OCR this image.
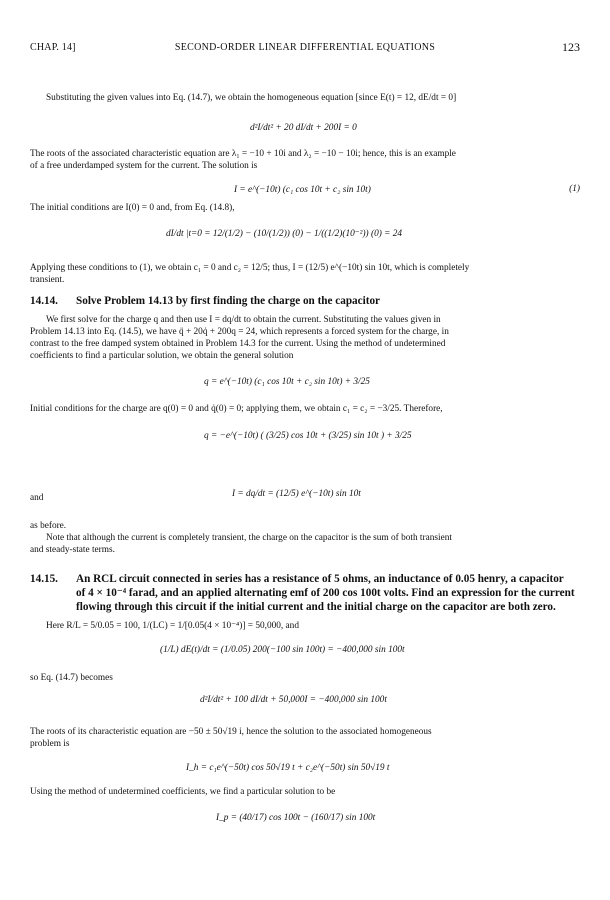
CHAP. 14]	SECOND-ORDER LINEAR DIFFERENTIAL EQUATIONS	123
Substituting the given values into Eq. (14.7), we obtain the homogeneous equation [since E(t) = 12, dE/dt = 0]
d²I/dt² + 20 dI/dt + 200I = 0
The roots of the associated characteristic equation are λ₁ = −10 + 10i and λ₂ = −10 − 10i; hence, this is an example
of a free underdamped system for the current. The solution is
I = e^(−10t) (c₁ cos 10t + c₂ sin 10t)	(1)
The initial conditions are I(0) = 0 and, from Eq. (14.8),
dI/dt |t=0 = 12/(1/2) − (10/(1/2)) (0) − 1/((1/2)(10⁻²)) (0) = 24
Applying these conditions to (1), we obtain c₁ = 0 and c₂ = 12/5; thus, I = (12/5) e^(−10t) sin 10t, which is completely
transient.
14.14. Solve Problem 14.13 by first finding the charge on the capacitor
We first solve for the charge q and then use I = dq/dt to obtain the current. Substituting the values given in
Problem 14.13 into Eq. (14.5), we have q̈ + 20q̇ + 200q = 24, which represents a forced system for the charge, in
contrast to the free damped system obtained in Problem 14.3 for the current. Using the method of undetermined
coefficients to find a particular solution, we obtain the general solution
q = e^(−10t) (c₁ cos 10t + c₂ sin 10t) + 3/25
Initial conditions for the charge are q(0) = 0 and q̇(0) = 0; applying them, we obtain c₁ = c₂ = −3/25. Therefore,
q = −e^(−10t) ( (3/25) cos 10t + (3/25) sin 10t ) + 3/25
and	I = dq/dt = (12/5) e^(−10t) sin 10t
as before.
Note that although the current is completely transient, the charge on the capacitor is the sum of both transient
and steady-state terms.
14.15. An RCL circuit connected in series has a resistance of 5 ohms, an inductance of 0.05 henry, a capacitor
of 4 × 10⁻⁴ farad, and an applied alternating emf of 200 cos 100t volts. Find an expression for the current
flowing through this circuit if the initial current and the initial charge on the capacitor are both zero.
Here R/L = 5/0.05 = 100, 1/(LC) = 1/[0.05(4 × 10⁻⁴)] = 50,000, and
(1/L) dE(t)/dt = (1/0.05) 200(−100 sin 100t) = −400,000 sin 100t
so Eq. (14.7) becomes
d²I/dt² + 100 dI/dt + 50,000I = −400,000 sin 100t
The roots of its characteristic equation are −50 ± 50√19 i, hence the solution to the associated homogeneous
problem is
I_h = c₁e^(−50t) cos 50√19 t + c₂e^(−50t) sin 50√19 t
Using the method of undetermined coefficients, we find a particular solution to be
I_p = (40/17) cos 100t − (160/17) sin 100t
